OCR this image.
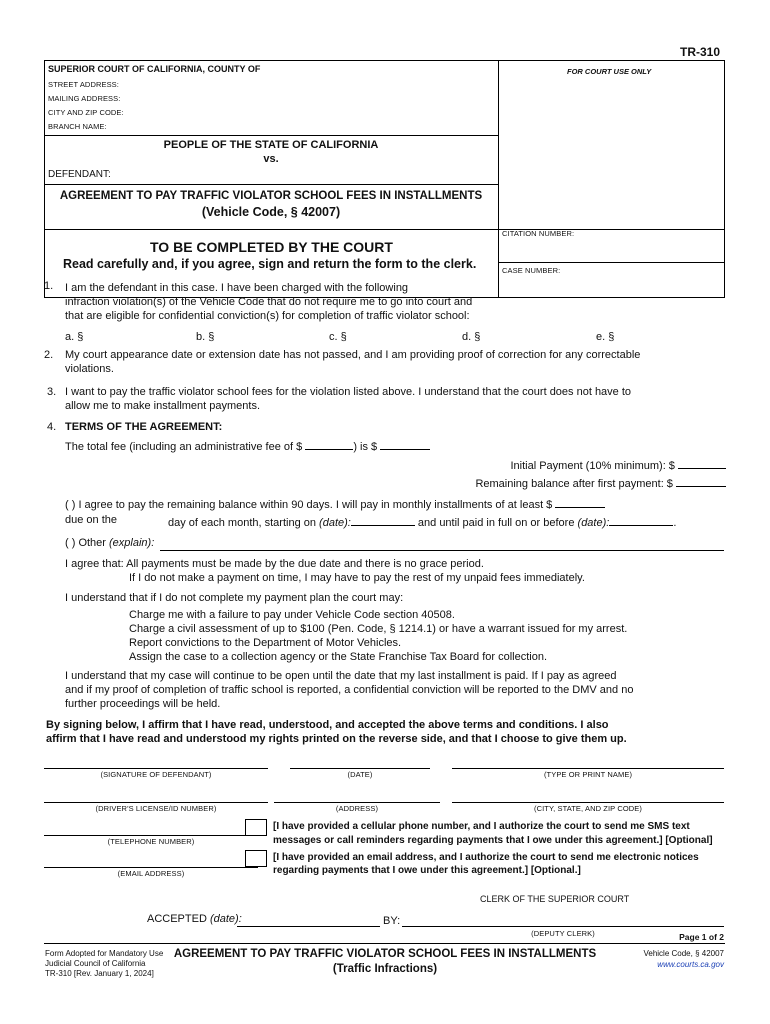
TR-310
SUPERIOR COURT OF CALIFORNIA, COUNTY OF
STREET ADDRESS:
MAILING ADDRESS:
CITY AND ZIP CODE:
BRANCH NAME:
FOR COURT USE ONLY
PEOPLE OF THE STATE OF CALIFORNIA
vs.
DEFENDANT:
AGREEMENT TO PAY TRAFFIC VIOLATOR SCHOOL FEES IN INSTALLMENTS
(Vehicle Code, § 42007)
CITATION NUMBER:
CASE NUMBER:
TO BE COMPLETED BY THE COURT
Read carefully and, if you agree, sign and return the form to the clerk.
1. I am the defendant in this case. I have been charged with the following
infraction violation(s) of the Vehicle Code that do not require me to go into court and
that are eligible for confidential conviction(s) for completion of traffic violator school:
a. §	b. §	c. §	d. §	e. §
2. My court appearance date or extension date has not passed, and I am providing proof of correction for any correctable
violations.
3. I want to pay the traffic violator school fees for the violation listed above. I understand that the court does not have to
allow me to make installment payments.
4. TERMS OF THE AGREEMENT:
The total fee (including an administrative fee of $	) is $
Initial Payment (10% minimum): $
Remaining balance after first payment: $
( ) I agree to pay the remaining balance within 90 days. I will pay in monthly installments of at least $
due on the	day of each month, starting on (date):	and until paid in full on or before (date):	.
( ) Other (explain):
I agree that: All payments must be made by the due date and there is no grace period.
If I do not make a payment on time, I may have to pay the rest of my unpaid fees immediately.
I understand that if I do not complete my payment plan the court may:
Charge me with a failure to pay under Vehicle Code section 40508.
Charge a civil assessment of up to $100 (Pen. Code, § 1214.1) or have a warrant issued for my arrest.
Report convictions to the Department of Motor Vehicles.
Assign the case to a collection agency or the State Franchise Tax Board for collection.
I understand that my case will continue to be open until the date that my last installment is paid. If I pay as agreed
and if my proof of completion of traffic school is reported, a confidential conviction will be reported to the DMV and no
further proceedings will be held.
By signing below, I affirm that I have read, understood, and accepted the above terms and conditions. I also
affirm that I have read and understood my rights printed on the reverse side, and that I choose to give them up.
(SIGNATURE OF DEFENDANT)	(DATE)	(TYPE OR PRINT NAME)
(DRIVER'S LICENSE/ID NUMBER)	(ADDRESS)	(CITY, STATE, AND ZIP CODE)
(TELEPHONE NUMBER)
(EMAIL ADDRESS)
[I have provided a cellular phone number, and I authorize the court to send me SMS text
messages or call reminders regarding payments that I owe under this agreement.] [Optional]
[I have provided an email address, and I authorize the court to send me electronic notices
regarding payments that I owe under this agreement.] [Optional.]
CLERK OF THE SUPERIOR COURT
ACCEPTED (date):	BY:
(DEPUTY CLERK)	Page 1 of 2
Form Adopted for Mandatory Use
Judicial Council of California
TR-310 [Rev. January 1, 2024]
AGREEMENT TO PAY TRAFFIC VIOLATOR SCHOOL FEES IN INSTALLMENTS
(Traffic Infractions)
Vehicle Code, § 42007
www.courts.ca.gov
